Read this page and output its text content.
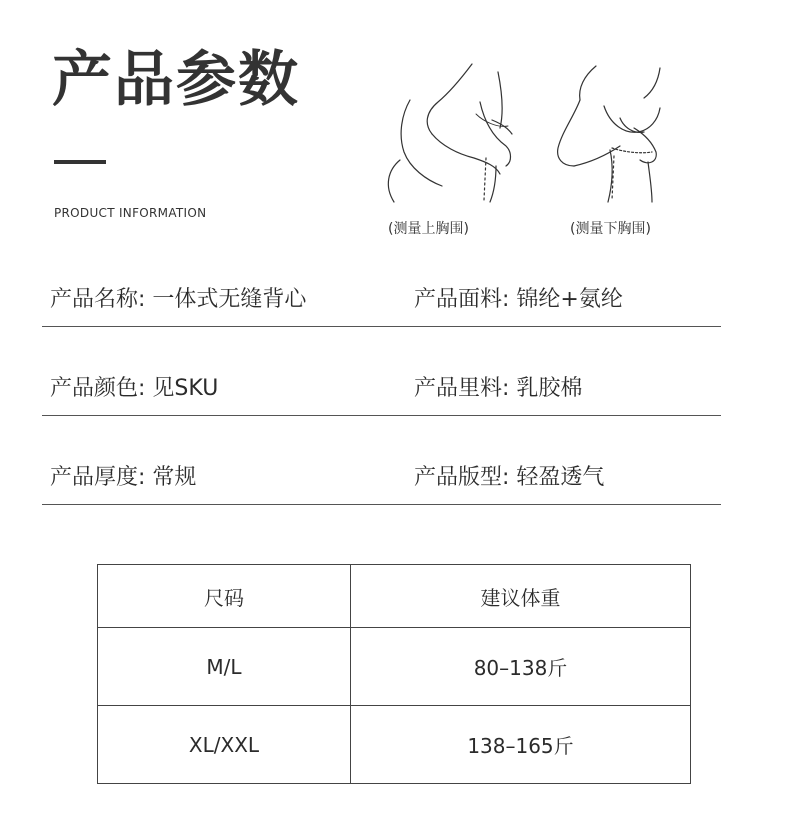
产品参数
PRODUCT INFORMATION
(测量上胸围)	(测量下胸围)
产品名称: 一体式无缝背心	产品面料: 锦纶+氨纶
产品颜色: 见SKU	产品里料: 乳胶棉
产品厚度: 常规	产品版型: 轻盈透气
尺码	建议体重
M/L	80–138斤
XL/XXL	138–165斤
